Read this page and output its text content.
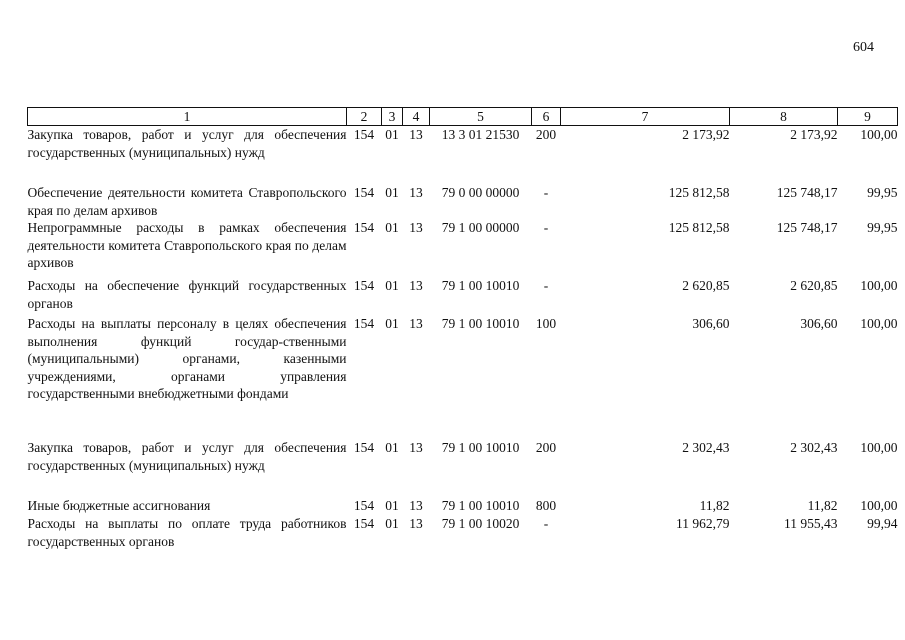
604
1	2	3	4	5	6	7	8	9
Закупка товаров, работ и услуг для обеспечения государственных (муниципальных) нужд	154	01	13	13 3 01 21530	200	2 173,92	2 173,92	100,00
Обеспечение деятельности комитета Ставропольского края по делам архивов	154	01	13	79 0 00 00000	-	125 812,58	125 748,17	99,95
Непрограммные расходы в рамках обеспечения деятельности комитета Ставропольского края по делам архивов	154	01	13	79 1 00 00000	-	125 812,58	125 748,17	99,95
Расходы на обеспечение функций государственных органов	154	01	13	79 1 00 10010	-	2 620,85	2 620,85	100,00
Расходы на выплаты персоналу в целях обеспечения выполнения функций государ-ственными (муниципальными) органами, казенными учреждениями, органами управления государственными внебюджетными фондами	154	01	13	79 1 00 10010	100	306,60	306,60	100,00
Закупка товаров, работ и услуг для обеспечения государственных (муниципальных) нужд	154	01	13	79 1 00 10010	200	2 302,43	2 302,43	100,00
Иные бюджетные ассигнования	154	01	13	79 1 00 10010	800	11,82	11,82	100,00
Расходы на выплаты по оплате труда работников государственных органов	154	01	13	79 1 00 10020	-	11 962,79	11 955,43	99,94
